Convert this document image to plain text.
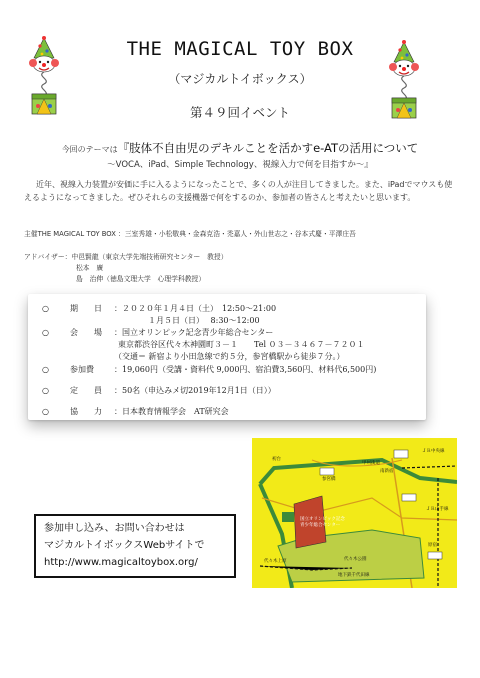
THE MAGICAL TOY BOX
（マジカルトイボックス）
第４９回イベント
今回のテーマは『肢体不自由児のデキルことを活かすe-ATの活用について
〜VOCA、iPad、Simple Technology、視線入力で何を目指すか〜』
近年、視線入力装置が安価に手に入るようになったことで、多くの人が注目してきました。また、iPadでマウスも使えるようになってきました。ぜひそれらの支援機器で何をするのか、参加者の皆さんと考えたいと思います。
主催THE MAGICAL TOY BOX ：三室秀雄・小松敬典・金森克浩・禿嘉人・外山世志之・谷本式慶・平澤庄吾
アドバイザー：中邑賢龍（東京大学先端技術研究センター　教授）
松本　廣
島　治伸（徳島文理大学　心理学科教授）
○	期　　日 ：２０２０年１月４日（土）　12:50〜21:00
１月５日（日）　 8:30〜12:00
○	会　　場 ：国立オリンピック記念青少年総合センター
東京都渋谷区代々木神園町３－１　　Tel ０３－３４６７－７２０１
（交通＝ 新宿より小田急線で約５分，参宮橋駅から徒歩７分。）
○	参加費	：19,060円（受講・資料代 9,000円、宿泊費3,560円、材料代6,500円)
○	定　　員 ：50名（申込みメ切2019年12月1日（日））
○	協　　力 ：日本教育情報学会　AT研究会
ＪＲ中央線
甲州街道
初台
南新宿
参宮橋
ＪＲ山手線
原宿
代々木公園
代々木上原
地下鉄千代田線
国立オリンピック記念
青少年総合センター
参加申し込み、お問い合わせは
マジカルトイボックスWebサイトで
http://www.magicaltoybox.org/
